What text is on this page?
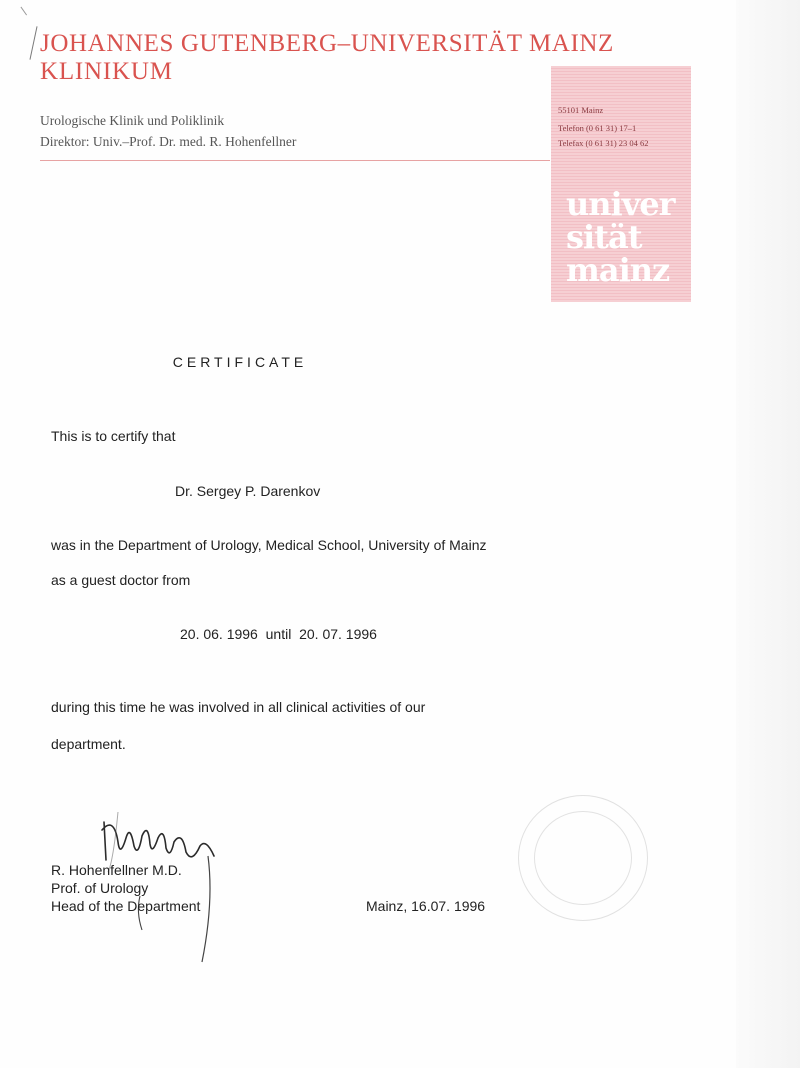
JOHANNES GUTENBERG–UNIVERSITÄT MAINZ
KLINIKUM
Urologische Klinik und Poliklinik
Direktor: Univ.–Prof. Dr. med. R. Hohenfellner
55101 Mainz
Telefon (0 61 31) 17–1
Telefax (0 61 31) 23 04 62
univer
sität
mainz
CERTIFICATE
This is to certify that
Dr. Sergey P. Darenkov
was in the Department of Urology, Medical School, University of Mainz
as a guest doctor from
20. 06. 1996  until  20. 07. 1996
during this time he was involved in all clinical activities of our
department.
R. Hohenfellner M.D.
Prof. of Urology
Head of the Department	Mainz, 16.07. 1996
